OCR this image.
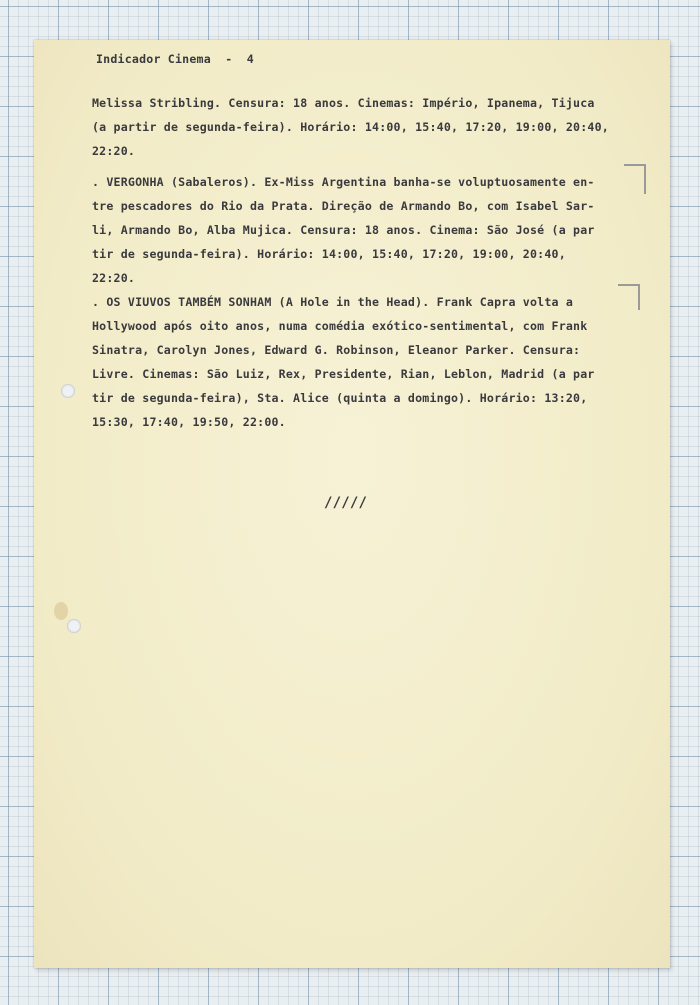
Indicador Cinema  -  4
Melissa Stribling. Censura: 18 anos. Cinemas: Império, Ipanema, Tijuca
(a partir de segunda-feira). Horário: 14:00, 15:40, 17:20, 19:00, 20:40,
22:20.
. VERGONHA (Sabaleros). Ex-Miss Argentina banha-se voluptuosamente en-
tre pescadores do Rio da Prata. Direção de Armando Bo, com Isabel Sar-
li, Armando Bo, Alba Mujica. Censura: 18 anos. Cinema: São José (a par
tir de segunda-feira). Horário: 14:00, 15:40, 17:20, 19:00, 20:40,
22:20.
. OS VIUVOS TAMBÉM SONHAM (A Hole in the Head). Frank Capra volta a
Hollywood após oito anos, numa comédia exótico-sentimental, com Frank
Sinatra, Carolyn Jones, Edward G. Robinson, Eleanor Parker. Censura:
Livre. Cinemas: São Luiz, Rex, Presidente, Rian, Leblon, Madrid (a par
tir de segunda-feira), Sta. Alice (quinta a domingo). Horário: 13:20,
15:30, 17:40, 19:50, 22:00.
/////
